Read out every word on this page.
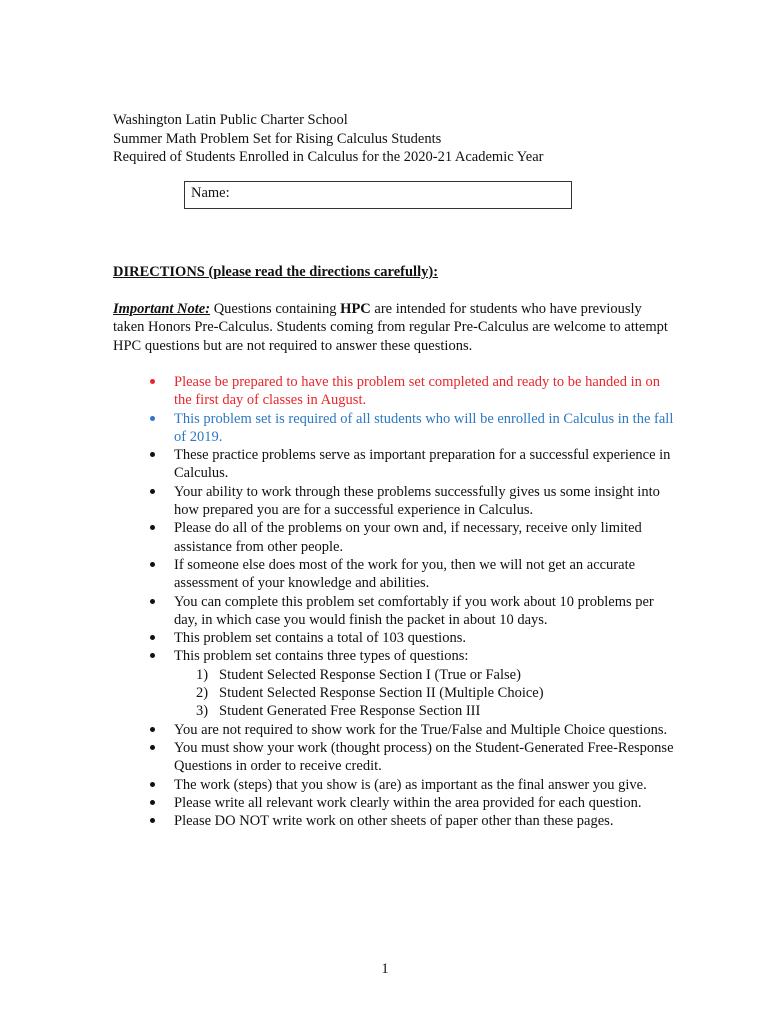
Washington Latin Public Charter School
Summer Math Problem Set for Rising Calculus Students
Required of Students Enrolled in Calculus for the 2020-21 Academic Year
Name:
DIRECTIONS (please read the directions carefully):
Important Note: Questions containing HPC are intended for students who have previously taken Honors Pre-Calculus. Students coming from regular Pre-Calculus are welcome to attempt HPC questions but are not required to answer these questions.
Please be prepared to have this problem set completed and ready to be handed in on the first day of classes in August.
This problem set is required of all students who will be enrolled in Calculus in the fall of 2019.
These practice problems serve as important preparation for a successful experience in Calculus.
Your ability to work through these problems successfully gives us some insight into how prepared you are for a successful experience in Calculus.
Please do all of the problems on your own and, if necessary, receive only limited assistance from other people.
If someone else does most of the work for you, then we will not get an accurate assessment of your knowledge and abilities.
You can complete this problem set comfortably if you work about 10 problems per day, in which case you would finish the packet in about 10 days.
This problem set contains a total of 103 questions.
This problem set contains three types of questions:
1) Student Selected Response Section I (True or False)
2) Student Selected Response Section II (Multiple Choice)
3) Student Generated Free Response Section III
You are not required to show work for the True/False and Multiple Choice questions.
You must show your work (thought process) on the Student-Generated Free-Response Questions in order to receive credit.
The work (steps) that you show is (are) as important as the final answer you give.
Please write all relevant work clearly within the area provided for each question.
Please DO NOT write work on other sheets of paper other than these pages.
1
